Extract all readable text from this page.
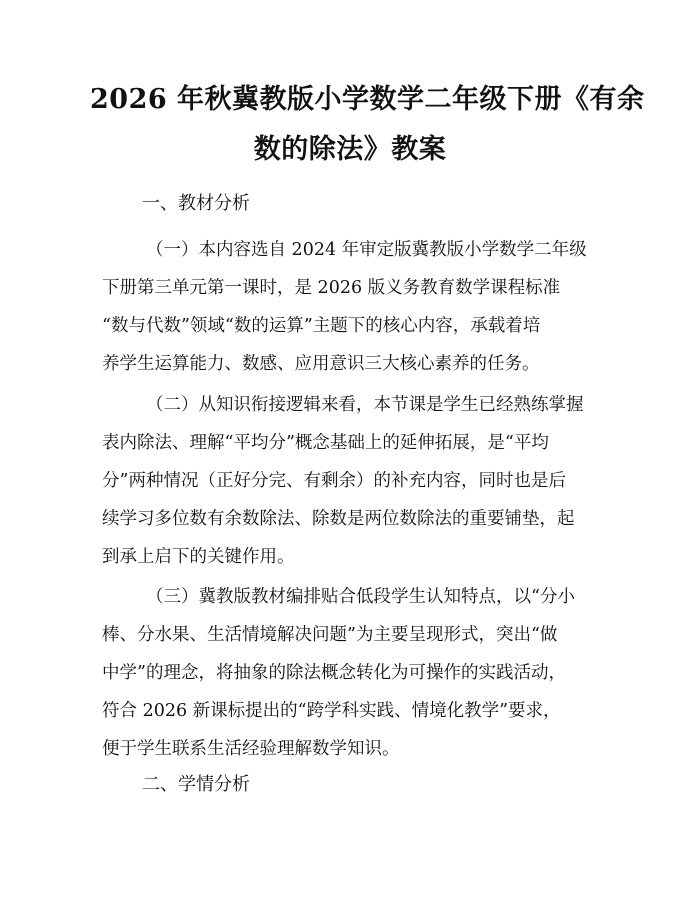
2026 年秋冀教版小学数学二年级下册《有余
数的除法》教案
一、教材分析
（一）本内容选自 2024 年审定版冀教版小学数学二年级
下册第三单元第一课时，是 2026 版义务教育数学课程标准
“数与代数”领域“数的运算”主题下的核心内容，承载着培
养学生运算能力、数感、应用意识三大核心素养的任务。
（二）从知识衔接逻辑来看，本节课是学生已经熟练掌握
表内除法、理解“平均分”概念基础上的延伸拓展，是“平均
分”两种情况（正好分完、有剩余）的补充内容，同时也是后
续学习多位数有余数除法、除数是两位数除法的重要铺垫，起
到承上启下的关键作用。
（三）冀教版教材编排贴合低段学生认知特点，以“分小
棒、分水果、生活情境解决问题”为主要呈现形式，突出“做
中学”的理念，将抽象的除法概念转化为可操作的实践活动，
符合 2026 新课标提出的“跨学科实践、情境化教学”要求，
便于学生联系生活经验理解数学知识。
二、学情分析
